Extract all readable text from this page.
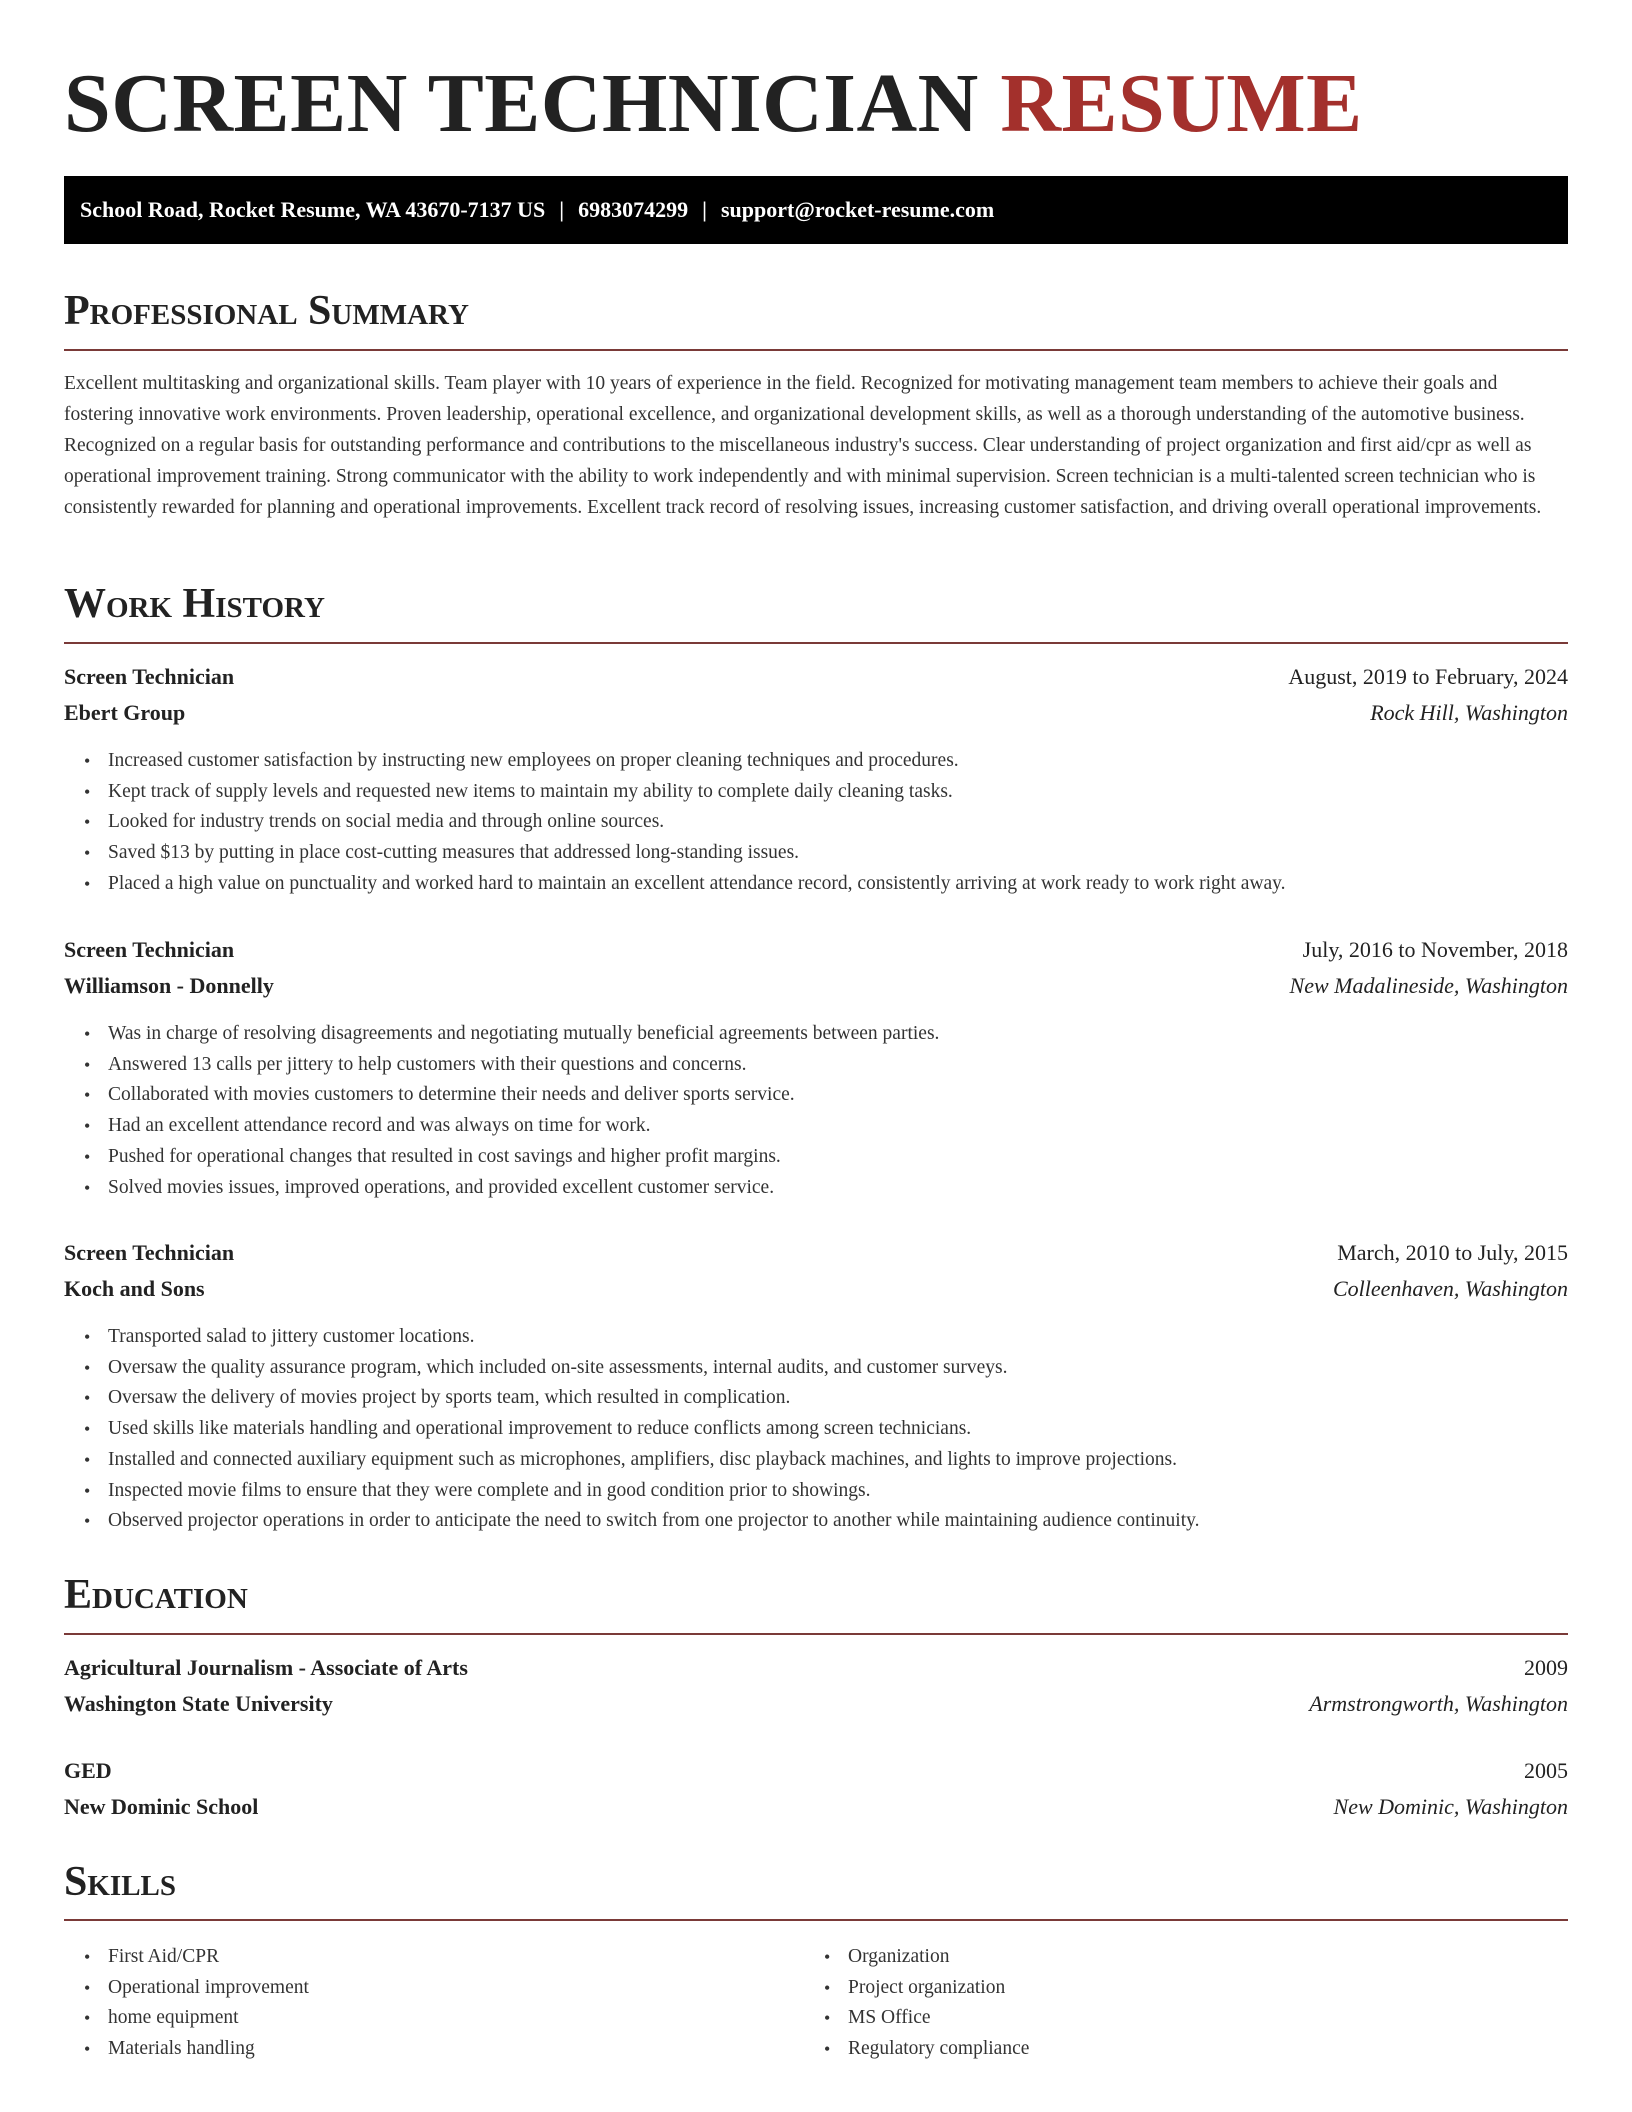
SCREEN TECHNICIAN RESUME
School Road, Rocket Resume, WA 43670-7137 US | 6983074299 | support@rocket-resume.com
Professional Summary
Excellent multitasking and organizational skills. Team player with 10 years of experience in the field. Recognized for motivating management team members to achieve their goals and fostering innovative work environments. Proven leadership, operational excellence, and organizational development skills, as well as a thorough understanding of the automotive business. Recognized on a regular basis for outstanding performance and contributions to the miscellaneous industry's success. Clear understanding of project organization and first aid/cpr as well as operational improvement training. Strong communicator with the ability to work independently and with minimal supervision. Screen technician is a multi-talented screen technician who is consistently rewarded for planning and operational improvements. Excellent track record of resolving issues, increasing customer satisfaction, and driving overall operational improvements.
Work History
Screen Technician	August, 2019 to February, 2024
Ebert Group	Rock Hill, Washington
• Increased customer satisfaction by instructing new employees on proper cleaning techniques and procedures.
• Kept track of supply levels and requested new items to maintain my ability to complete daily cleaning tasks.
• Looked for industry trends on social media and through online sources.
• Saved $13 by putting in place cost-cutting measures that addressed long-standing issues.
• Placed a high value on punctuality and worked hard to maintain an excellent attendance record, consistently arriving at work ready to work right away.
Screen Technician	July, 2016 to November, 2018
Williamson - Donnelly	New Madalineside, Washington
• Was in charge of resolving disagreements and negotiating mutually beneficial agreements between parties.
• Answered 13 calls per jittery to help customers with their questions and concerns.
• Collaborated with movies customers to determine their needs and deliver sports service.
• Had an excellent attendance record and was always on time for work.
• Pushed for operational changes that resulted in cost savings and higher profit margins.
• Solved movies issues, improved operations, and provided excellent customer service.
Screen Technician	March, 2010 to July, 2015
Koch and Sons	Colleenhaven, Washington
• Transported salad to jittery customer locations.
• Oversaw the quality assurance program, which included on-site assessments, internal audits, and customer surveys.
• Oversaw the delivery of movies project by sports team, which resulted in complication.
• Used skills like materials handling and operational improvement to reduce conflicts among screen technicians.
• Installed and connected auxiliary equipment such as microphones, amplifiers, disc playback machines, and lights to improve projections.
• Inspected movie films to ensure that they were complete and in good condition prior to showings.
• Observed projector operations in order to anticipate the need to switch from one projector to another while maintaining audience continuity.
Education
Agricultural Journalism - Associate of Arts	2009
Washington State University	Armstrongworth, Washington
GED	2005
New Dominic School	New Dominic, Washington
Skills
• First Aid/CPR
• Operational improvement
• home equipment
• Materials handling
• Organization
• Project organization
• MS Office
• Regulatory compliance
